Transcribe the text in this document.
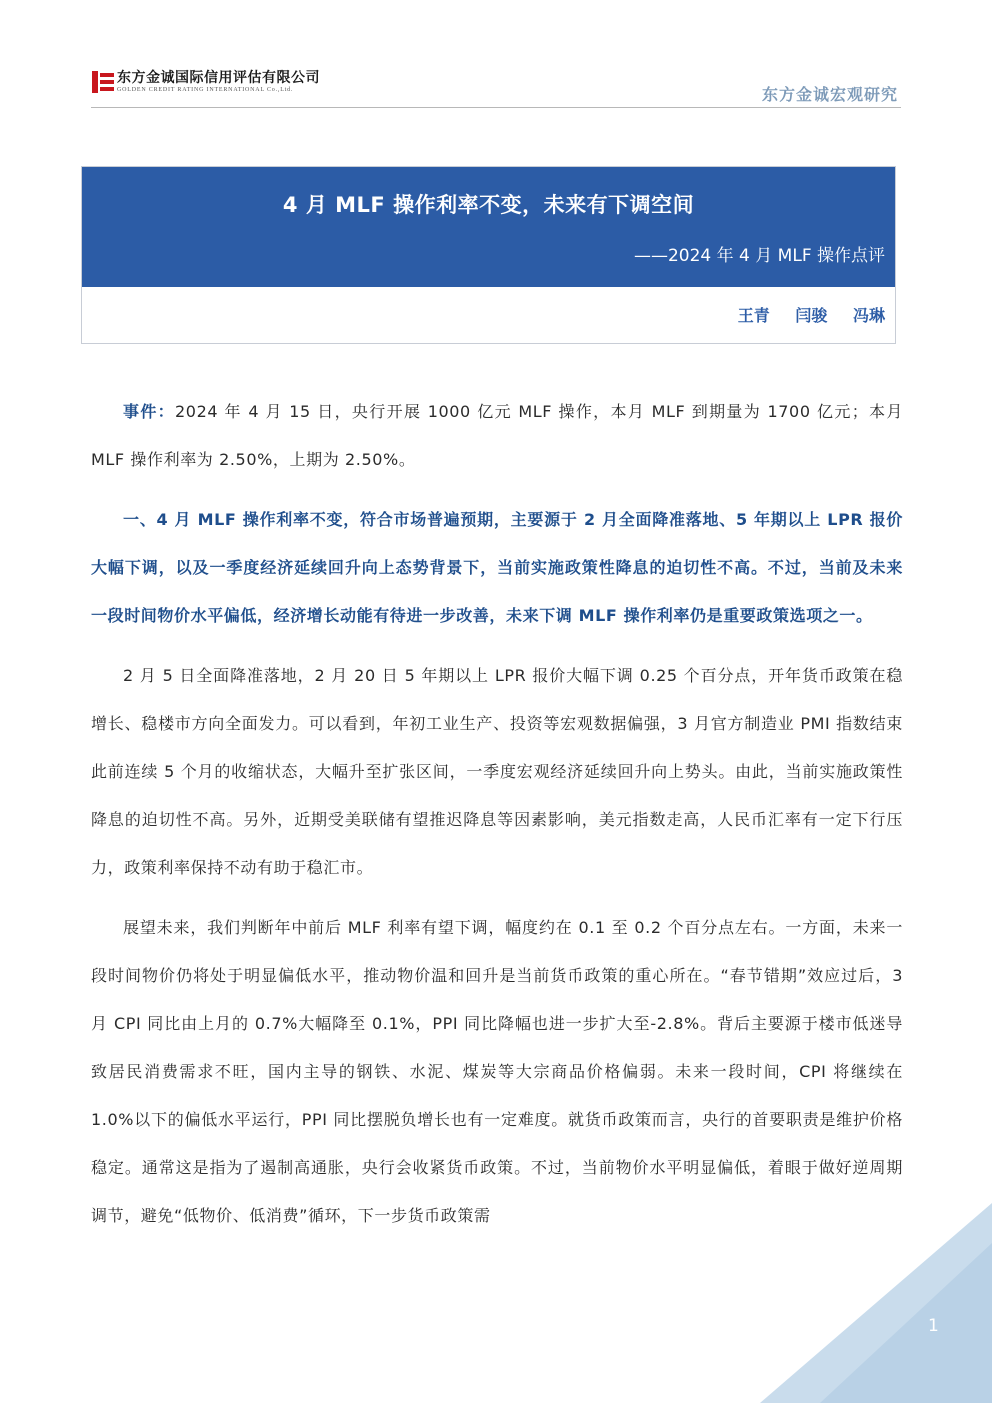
东方金诚国际信用评估有限公司
GOLDEN CREDIT RATING INTERNATIONAL Co.,Ltd.	东方金诚宏观研究
4 月 MLF 操作利率不变，未来有下调空间
——2024 年 4 月 MLF 操作点评
王青 闫骏 冯琳

事件：2024 年 4 月 15 日，央行开展 1000 亿元 MLF 操作，本月 MLF 到期量为 1700 亿元；本月 MLF 操作利率为 2.50%，上期为 2.50%。

一、4 月 MLF 操作利率不变，符合市场普遍预期，主要源于 2 月全面降准落地、5 年期以上 LPR 报价大幅下调，以及一季度经济延续回升向上态势背景下，当前实施政策性降息的迫切性不高。不过，当前及未来一段时间物价水平偏低，经济增长动能有待进一步改善，未来下调 MLF 操作利率仍是重要政策选项之一。

2 月 5 日全面降准落地，2 月 20 日 5 年期以上 LPR 报价大幅下调 0.25 个百分点，开年货币政策在稳增长、稳楼市方向全面发力。可以看到，年初工业生产、投资等宏观数据偏强，3 月官方制造业 PMI 指数结束此前连续 5 个月的收缩状态，大幅升至扩张区间，一季度宏观经济延续回升向上势头。由此，当前实施政策性降息的迫切性不高。另外，近期受美联储有望推迟降息等因素影响，美元指数走高，人民币汇率有一定下行压力，政策利率保持不动有助于稳汇市。

展望未来，我们判断年中前后 MLF 利率有望下调，幅度约在 0.1 至 0.2 个百分点左右。一方面，未来一段时间物价仍将处于明显偏低水平，推动物价温和回升是当前货币政策的重心所在。“春节错期”效应过后，3 月 CPI 同比由上月的 0.7%大幅降至 0.1%，PPI 同比降幅也进一步扩大至-2.8%。背后主要源于楼市低迷导致居民消费需求不旺，国内主导的钢铁、水泥、煤炭等大宗商品价格偏弱。未来一段时间，CPI 将继续在 1.0%以下的偏低水平运行，PPI 同比摆脱负增长也有一定难度。就货币政策而言，央行的首要职责是维护价格稳定。通常这是指为了遏制高通胀，央行会收紧货币政策。不过，当前物价水平明显偏低，着眼于做好逆周期调节，避免“低物价、低消费”循环，下一步货币政策需

1
